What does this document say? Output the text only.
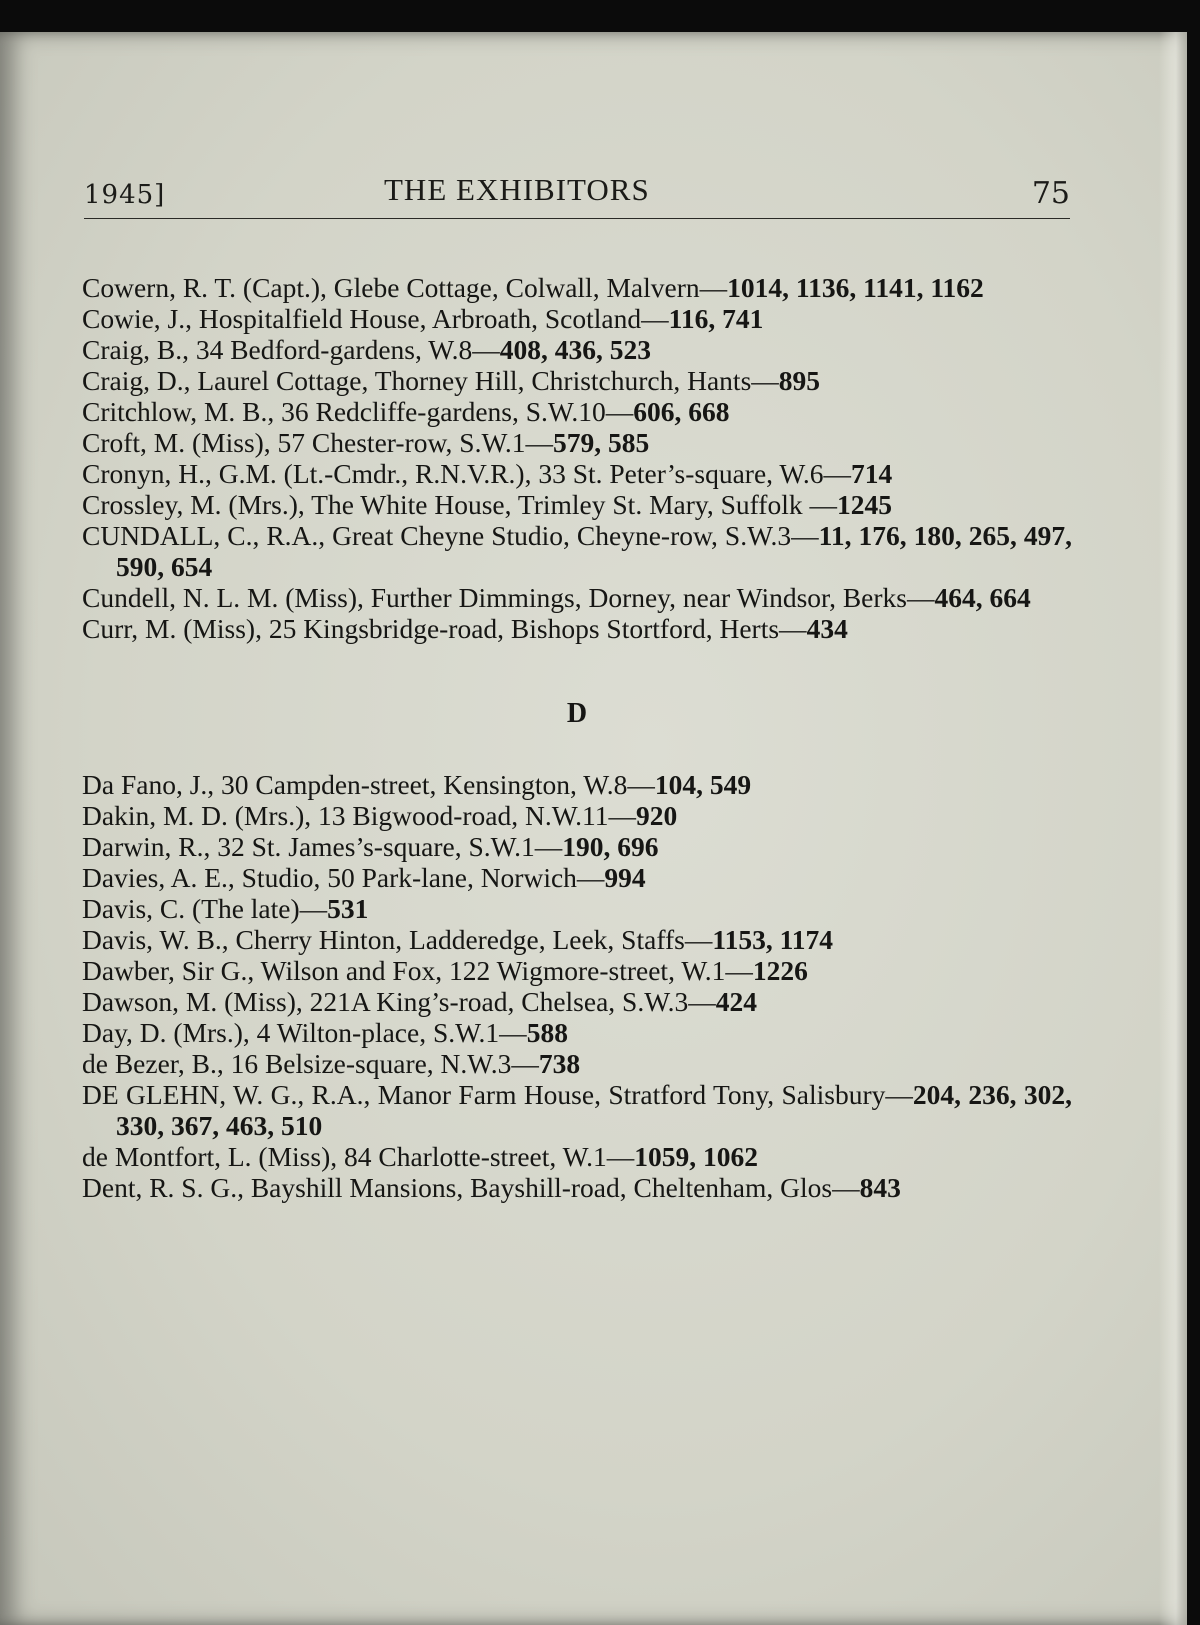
1945]	THE EXHIBITORS	75
Cowern, R. T. (Capt.), Glebe Cottage, Colwall, Malvern—1014, 1136, 1141, 1162
Cowie, J., Hospitalfield House, Arbroath, Scotland—116, 741
Craig, B., 34 Bedford-gardens, W.8—408, 436, 523
Craig, D., Laurel Cottage, Thorney Hill, Christchurch, Hants—895
Critchlow, M. B., 36 Redcliffe-gardens, S.W.10—606, 668
Croft, M. (Miss), 57 Chester-row, S.W.1—579, 585
Cronyn, H., G.M. (Lt.-Cmdr., R.N.V.R.), 33 St. Peter’s-square, W.6—714
Crossley, M. (Mrs.), The White House, Trimley St. Mary, Suffolk —1245
CUNDALL, C., R.A., Great Cheyne Studio, Cheyne-row, S.W.3—11, 176, 180, 265, 497, 590, 654
Cundell, N. L. M. (Miss), Further Dimmings, Dorney, near Windsor, Berks—464, 664
Curr, M. (Miss), 25 Kingsbridge-road, Bishops Stortford, Herts—434
D
Da Fano, J., 30 Campden-street, Kensington, W.8—104, 549
Dakin, M. D. (Mrs.), 13 Bigwood-road, N.W.11—920
Darwin, R., 32 St. James’s-square, S.W.1—190, 696
Davies, A. E., Studio, 50 Park-lane, Norwich—994
Davis, C. (The late)—531
Davis, W. B., Cherry Hinton, Ladderedge, Leek, Staffs—1153, 1174
Dawber, Sir G., Wilson and Fox, 122 Wigmore-street, W.1—1226
Dawson, M. (Miss), 221A King’s-road, Chelsea, S.W.3—424
Day, D. (Mrs.), 4 Wilton-place, S.W.1—588
de Bezer, B., 16 Belsize-square, N.W.3—738
DE GLEHN, W. G., R.A., Manor Farm House, Stratford Tony, Salisbury—204, 236, 302, 330, 367, 463, 510
de Montfort, L. (Miss), 84 Charlotte-street, W.1—1059, 1062
Dent, R. S. G., Bayshill Mansions, Bayshill-road, Cheltenham, Glos—843
